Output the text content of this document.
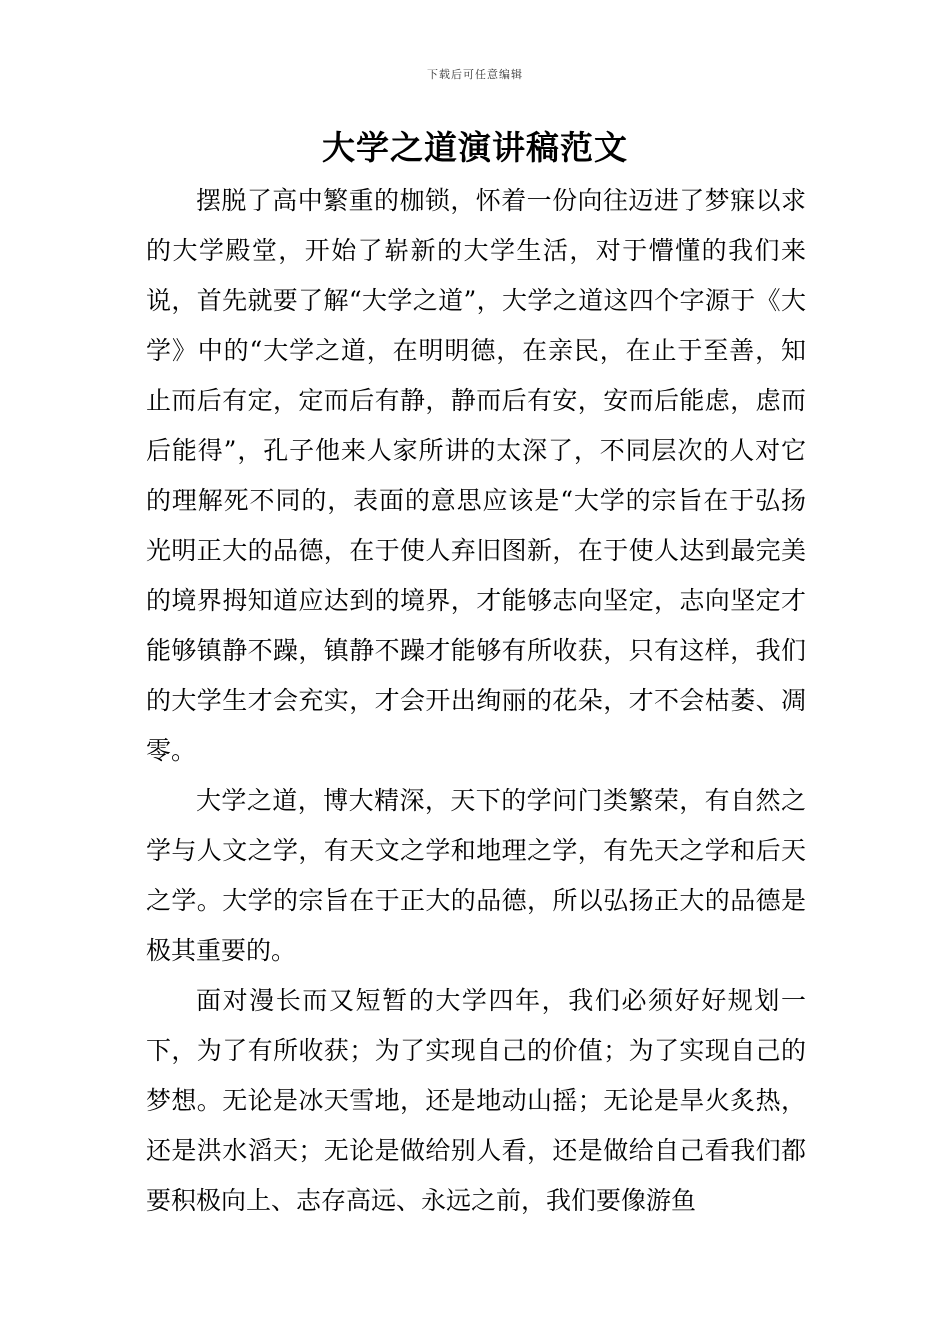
下载后可任意编辑
大学之道演讲稿范文

摆脱了高中繁重的枷锁，怀着一份向往迈进了梦寐以求的大学殿堂，开始了崭新的大学生活，对于懵懂的我们来说，首先就要了解“大学之道”，大学之道这四个字源于《大学》中的“大学之道，在明明德，在亲民，在止于至善，知止而后有定，定而后有静，静而后有安，安而后能虑，虑而后能得”，孔子他来人家所讲的太深了，不同层次的人对它的理解死不同的，表面的意思应该是“大学的宗旨在于弘扬光明正大的品德，在于使人弃旧图新，在于使人达到最完美的境界拇知道应达到的境界，才能够志向坚定，志向坚定才能够镇静不躁，镇静不躁才能够有所收获，只有这样，我们的大学生才会充实，才会开出绚丽的花朵，才不会枯萎、凋零。

大学之道，博大精深，天下的学问门类繁荣，有自然之学与人文之学，有天文之学和地理之学，有先天之学和后天之学。大学的宗旨在于正大的品德，所以弘扬正大的品德是极其重要的。

面对漫长而又短暂的大学四年，我们必须好好规划一下，为了有所收获；为了实现自己的价值；为了实现自己的梦想。无论是冰天雪地，还是地动山摇；无论是旱火炙热，还是洪水滔天；无论是做给别人看，还是做给自己看我们都要积极向上、志存高远、永远之前，我们要像游鱼
